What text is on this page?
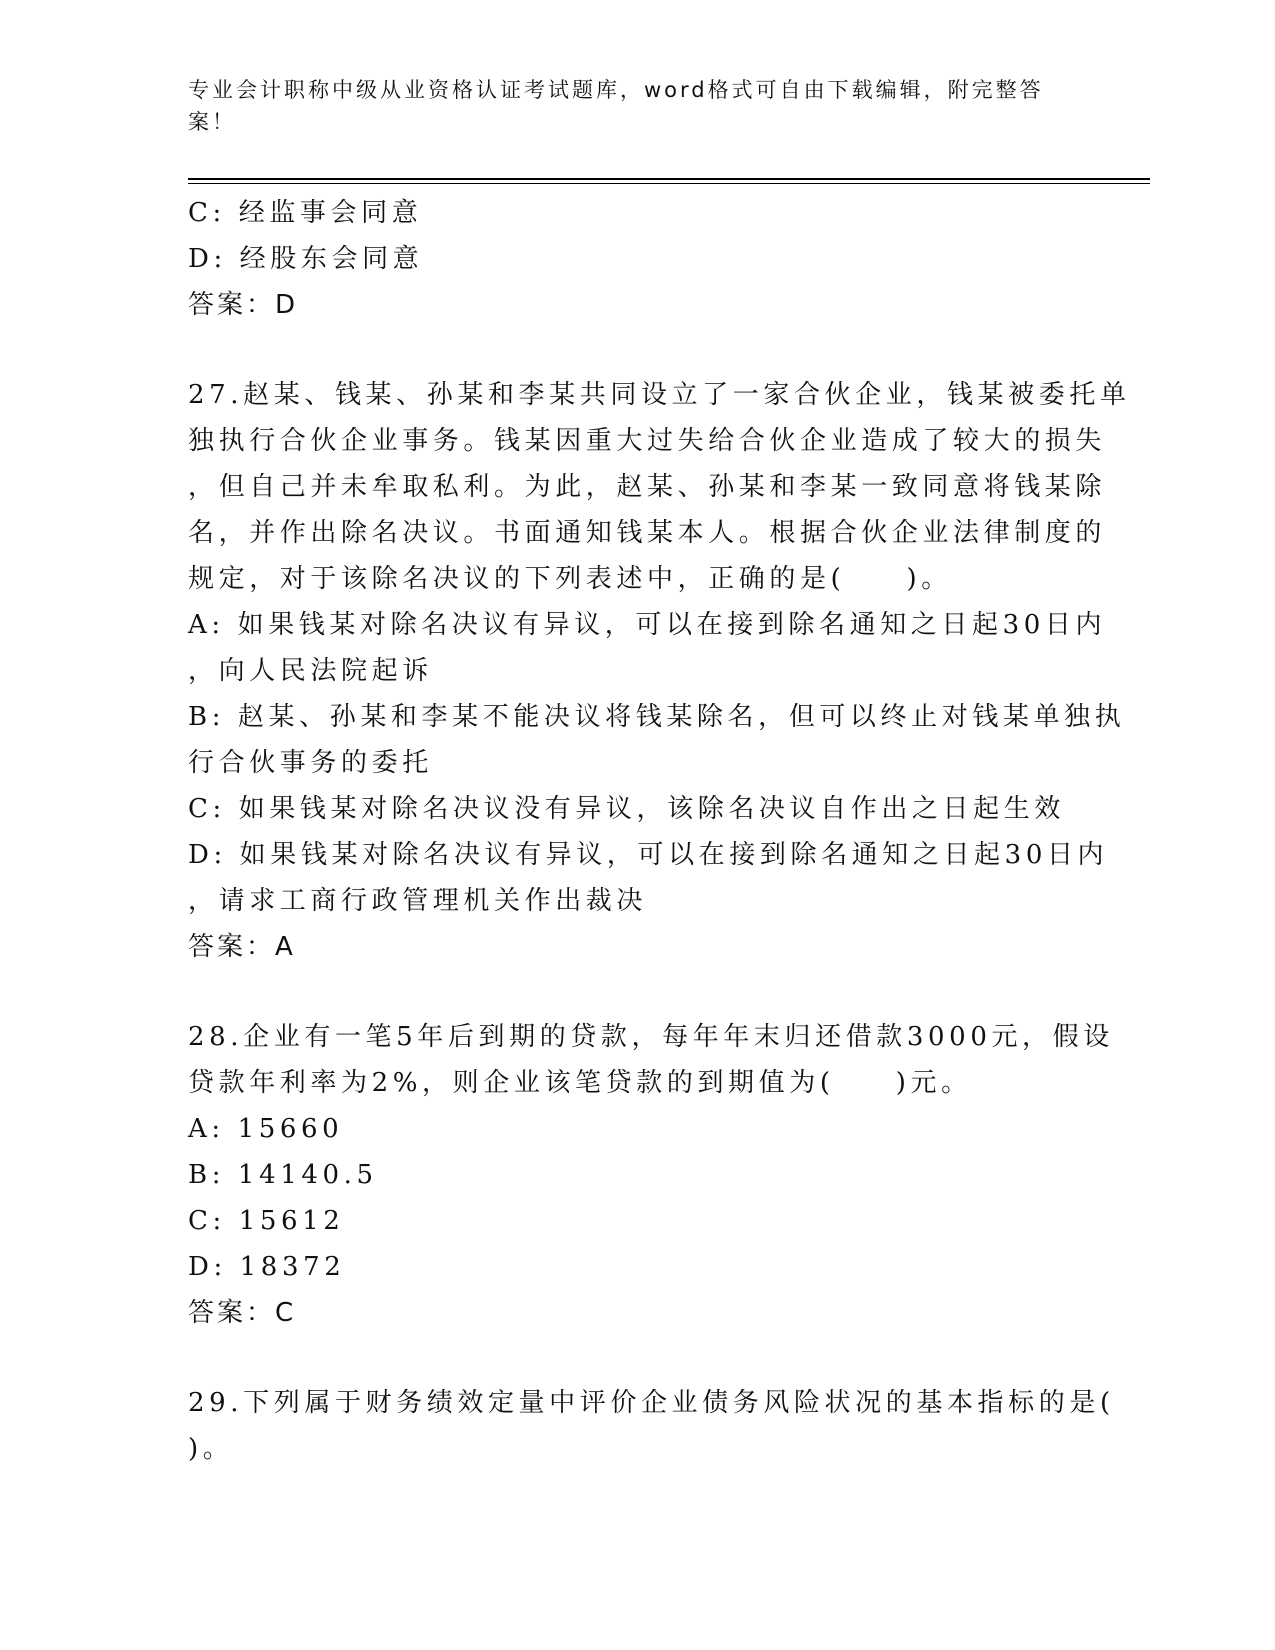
专业会计职称中级从业资格认证考试题库，word格式可自由下载编辑，附完整答案！
C: 经监事会同意
D: 经股东会同意
答案：D
27.赵某、钱某、孙某和李某共同设立了一家合伙企业，钱某被委托单
独执行合伙企业事务。钱某因重大过失给合伙企业造成了较大的损失
，但自己并未牟取私利。为此，赵某、孙某和李某一致同意将钱某除
名，并作出除名决议。书面通知钱某本人。根据合伙企业法律制度的
规定，对于该除名决议的下列表述中，正确的是(　　)。
A: 如果钱某对除名决议有异议，可以在接到除名通知之日起30日内
，向人民法院起诉
B: 赵某、孙某和李某不能决议将钱某除名，但可以终止对钱某单独执
行合伙事务的委托
C: 如果钱某对除名决议没有异议，该除名决议自作出之日起生效
D: 如果钱某对除名决议有异议，可以在接到除名通知之日起30日内
，请求工商行政管理机关作出裁决
答案：A
28.企业有一笔5年后到期的贷款，每年年末归还借款3000元，假设
贷款年利率为2%，则企业该笔贷款的到期值为(　　)元。
A: 15660
B: 14140.5
C: 15612
D: 18372
答案：C
29.下列属于财务绩效定量中评价企业债务风险状况的基本指标的是(
)。
